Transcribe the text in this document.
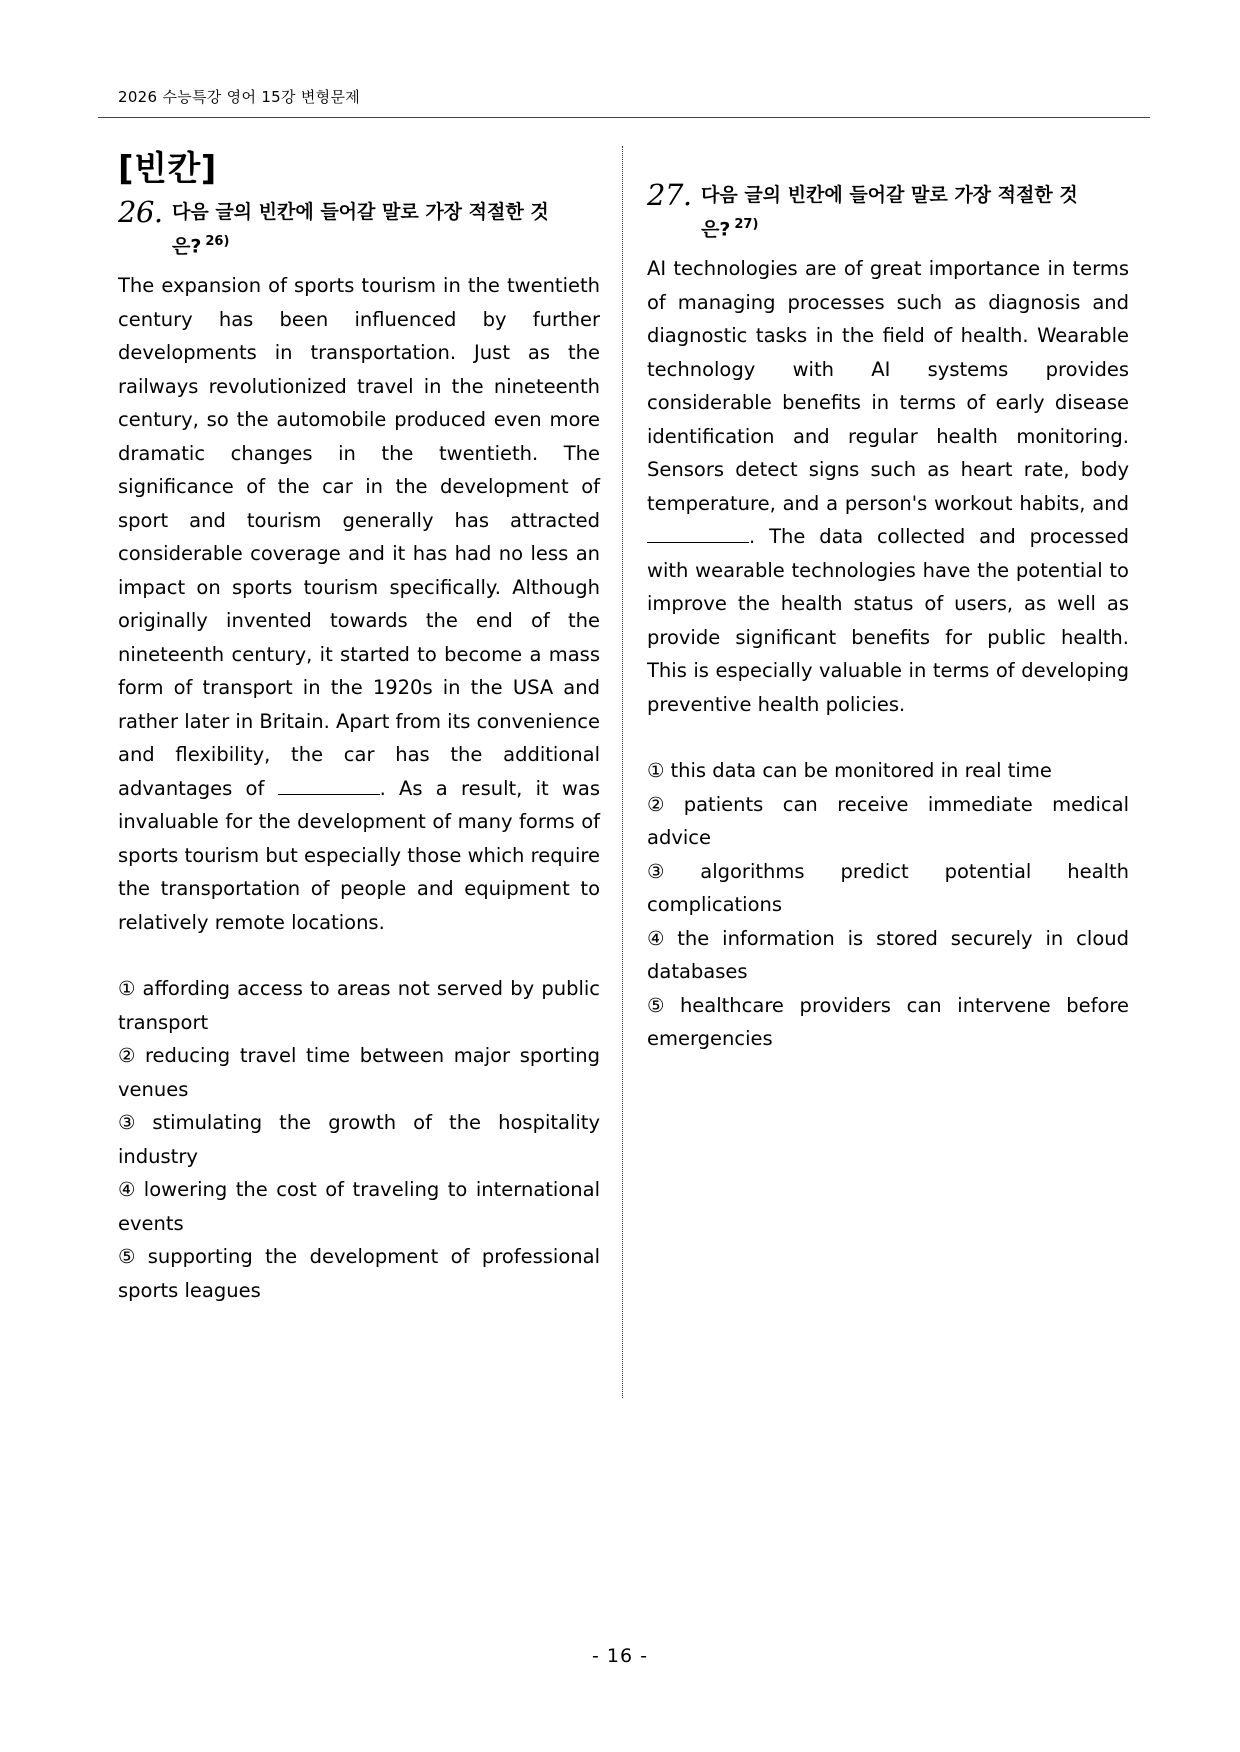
2026 수능특강 영어 15강 변형문제
[빈칸]
26. 다음 글의 빈칸에 들어갈 말로 가장 적절한 것
은? $^{26)}$

The expansion of sports tourism in the twentieth century has been influenced by further developments in transportation. Just as the railways revolutionized travel in the nineteenth century, so the automobile produced even more dramatic changes in the twentieth. The significance of the car in the development of sport and tourism generally has attracted considerable coverage and it has had no less an impact on sports tourism specifically. Although originally invented towards the end of the nineteenth century, it started to become a mass form of transport in the 1920s in the USA and rather later in Britain. Apart from its convenience and flexibility, the car has the additional advantages of	. As a result, it was invaluable for the development of many forms of sports tourism but especially those which require the transportation of people and equipment to relatively remote locations.

① affording access to areas not served by public transport
② reducing travel time between major sporting venues
③ stimulating the growth of the hospitality industry
④ lowering the cost of traveling to international events
⑤ supporting the development of professional sports leagues
27. 다음 글의 빈칸에 들어갈 말로 가장 적절한 것
은? $^{27)}$

AI technologies are of great importance in terms of managing processes such as diagnosis and diagnostic tasks in the field of health. Wearable technology with AI systems provides considerable benefits in terms of early disease identification and regular health monitoring. Sensors detect signs such as heart rate, body temperature, and a person's workout habits, and . The data collected and processed with wearable technologies have the potential to improve the health status of users, as well as provide significant benefits for public health. This is especially valuable in terms of developing preventive health policies.

① this data can be monitored in real time
② patients can receive immediate medical advice
③ algorithms predict potential health complications
④ the information is stored securely in cloud databases
⑤ healthcare providers can intervene before emergencies
- 16 -
